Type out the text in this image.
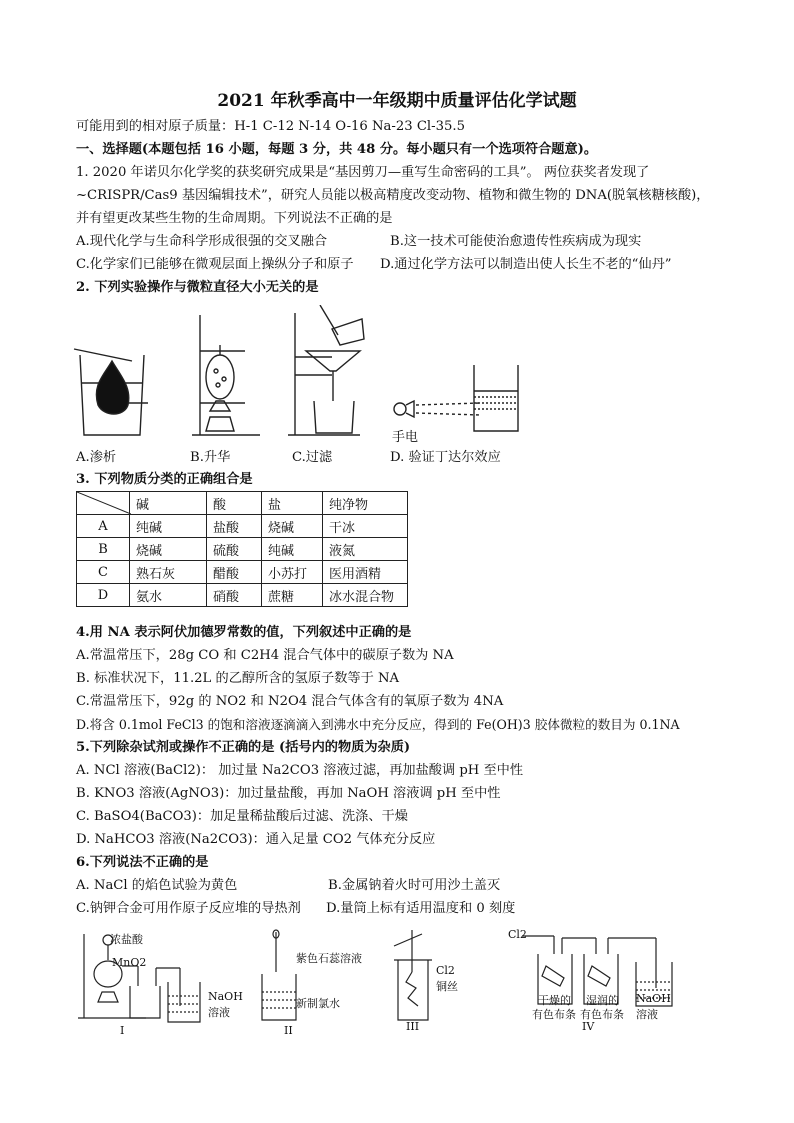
2021 年秋季高中一年级期中质量评估化学试题
可能用到的相对原子质量：H-1 C-12 N-14 O-16 Na-23 Cl-35.5
一、选择题(本题包括 16 小题，每题 3 分，共 48 分。每小题只有一个选项符合题意)。
1. 2020 年诺贝尔化学奖的获奖研究成果是“基因剪刀—重写生命密码的工具”。 两位获奖者发现了
~CRISPR/Cas9 基因编辑技术”，研究人员能以极高精度改变动物、植物和微生物的 DNA(脱氧核糖核酸)，
并有望更改某些生物的生命周期。下列说法不正确的是
A.现代化学与生命科学形成很强的交叉融合	B.这一技术可能使治愈遗传性疾病成为现实
C.化学家们已能够在微观层面上操纵分子和原子 D.通过化学方法可以制造出使人长生不老的“仙丹”
2. 下列实验操作与微粒直径大小无关的是
手电
A.渗析	B.升华	C.过滤	D. 验证丁达尔效应
3. 下列物质分类的正确组合是
	碱	酸	盐	纯净物
A	纯碱	盐酸	烧碱	干冰
B	烧碱	硫酸	纯碱	液氮
C	熟石灰	醋酸	小苏打	医用酒精
D	氨水	硝酸	蔗糖	冰水混合物
4.用 NA 表示阿伏加德罗常数的值，下列叙述中正确的是
A.常温常压下，28g CO 和 C2H4 混合气体中的碳原子数为 NA
B. 标准状况下，11.2L 的乙醇所含的氢原子数等于 NA
C.常温常压下，92g 的 NO2 和 N2O4 混合气体含有的氧原子数为 4NA
D.将含 0.1mol FeCl3 的饱和溶液逐滴滴入到沸水中充分反应，得到的 Fe(OH)3 胶体微粒的数目为 0.1NA
5.下列除杂试剂或操作不正确的是 (括号内的物质为杂质)
A. NCl 溶液(BaCl2)： 加过量 Na2CO3 溶液过滤，再加盐酸调 pH 至中性
B. KNO3 溶液(AgNO3)：加过量盐酸，再加 NaOH 溶液调 pH 至中性
C. BaSO4(BaCO3)：加足量稀盐酸后过滤、洗涤、干燥
D. NaHCO3 溶液(Na2CO3)：通入足量 CO2 气体充分反应
6.下列说法不正确的是
A. NaCl 的焰色试验为黄色	B.金属钠着火时可用沙土盖灭
C.钠钾合金可用作原子反应堆的导热剂 D.量筒上标有适用温度和 0 刻度
浓盐酸
MnO2
NaOH
溶液
I
紫色石蕊溶液
新制氯水
II
Cl2
铜丝
III
Cl2
干燥的
有色布条
湿润的
有色布条
NaOH
溶液
IV
